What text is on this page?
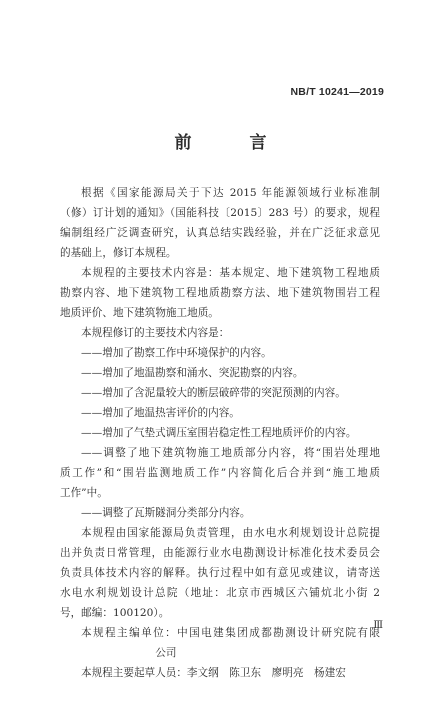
NB/T 10241—2019
前 言
根据《国家能源局关于下达 2015 年能源领域行业标准制
（修）订计划的通知》（国能科技〔2015〕283 号）的要求，规程
编制组经广泛调查研究，认真总结实践经验，并在广泛征求意见
的基础上，修订本规程。
本规程的主要技术内容是：基本规定、地下建筑物工程地质
勘察内容、地下建筑物工程地质勘察方法、地下建筑物围岩工程
地质评价、地下建筑物施工地质。
本规程修订的主要技术内容是：
——增加了勘察工作中环境保护的内容。
——增加了地温勘察和涌水、突泥勘察的内容。
——增加了含泥量较大的断层破碎带的突泥预测的内容。
——增加了地温热害评价的内容。
——增加了气垫式调压室围岩稳定性工程地质评价的内容。
——调整了地下建筑物施工地质部分内容，将“围岩处理地
质工作”和“围岩监测地质工作”内容简化后合并到“施工地质
工作”中。
——调整了瓦斯隧洞分类部分内容。
本规程由国家能源局负责管理，由水电水利规划设计总院提
出并负责日常管理，由能源行业水电勘测设计标准化技术委员会
负责具体技术内容的解释。执行过程中如有意见或建议，请寄送
水电水利规划设计总院（地址：北京市西城区六铺炕北小街 2
号，邮编：100120）。
本规程主编单位：中国电建集团成都勘测设计研究院有限
　　　　　　　　　公司
本规程主要起草人员：李文纲　陈卫东　廖明亮　杨建宏
Ⅲ
